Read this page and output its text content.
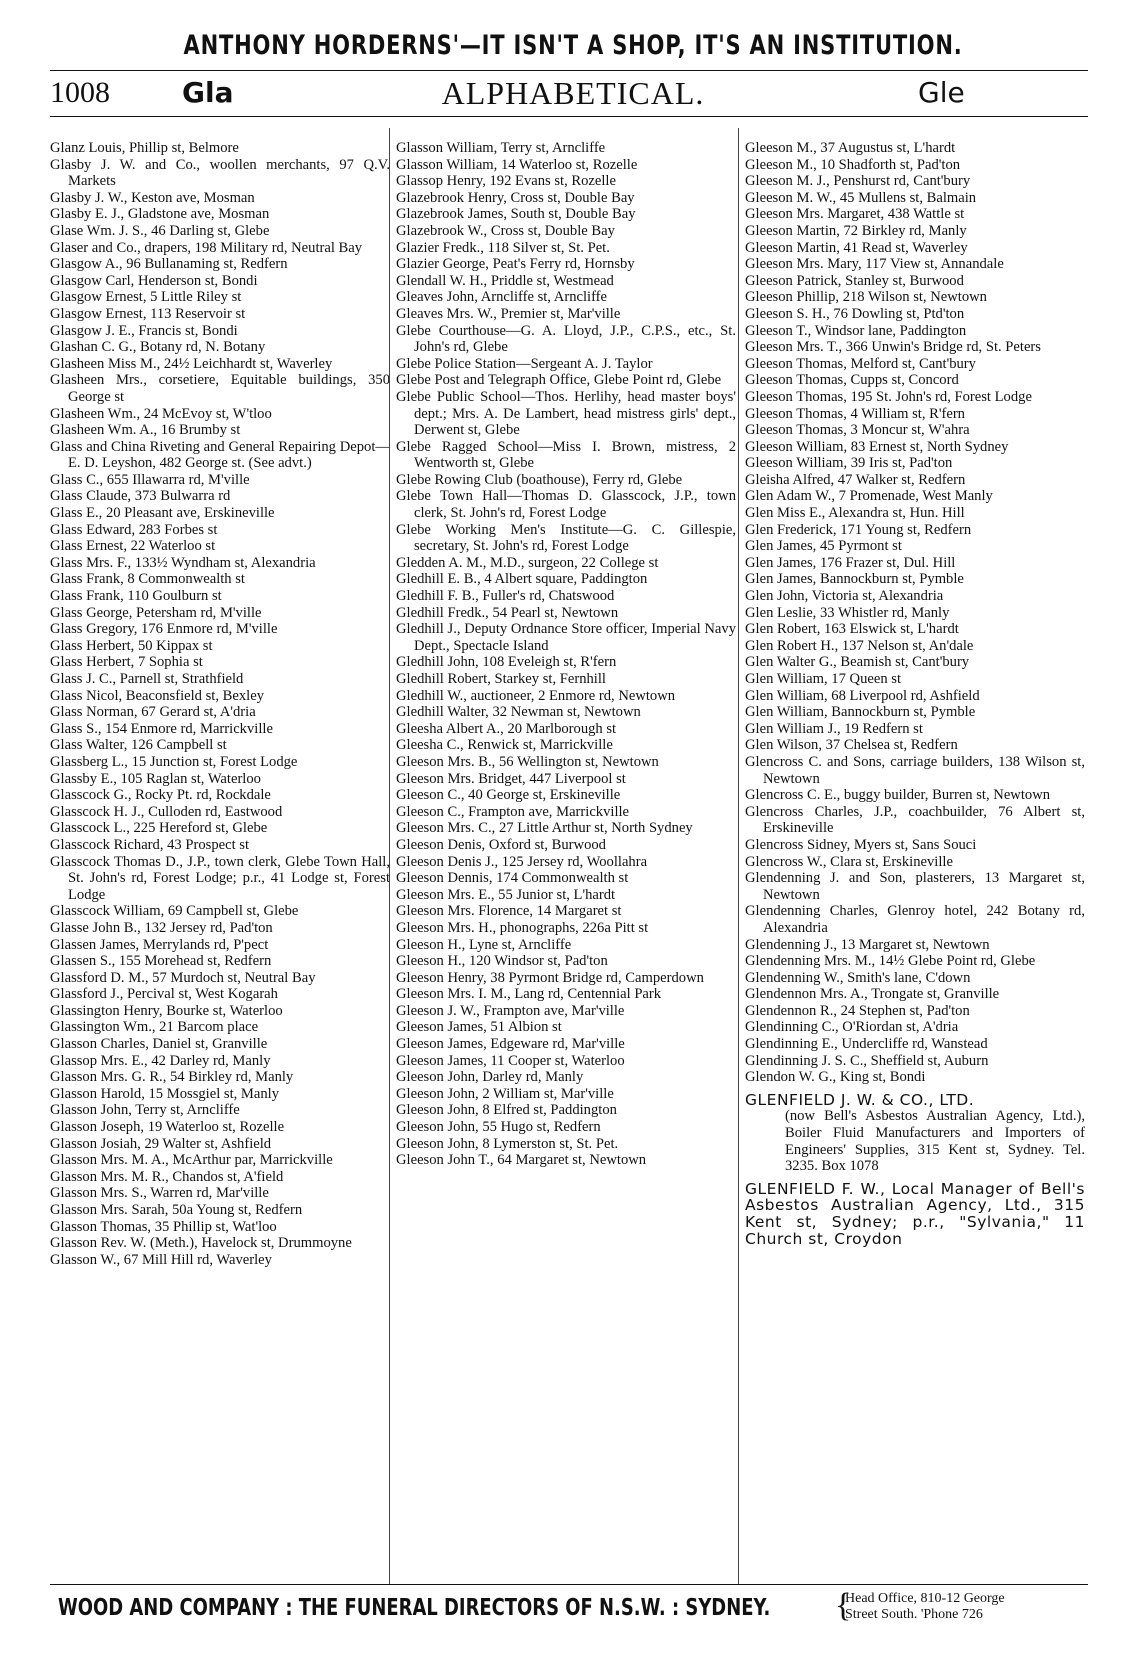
ANTHONY HORDERNS'—IT ISN'T A SHOP, IT'S AN INSTITUTION.
1008	Gla	ALPHABETICAL.	Gle

Glanz Louis, Phillip st, Belmore

Glasby J. W. and Co., woollen merchants, 97 Q.V. Markets

Glasby J. W., Keston ave, Mosman

Glasby E. J., Gladstone ave, Mosman

Glase Wm. J. S., 46 Darling st, Glebe

Glaser and Co., drapers, 198 Military rd, Neutral Bay

Glasgow A., 96 Bullanaming st, Redfern

Glasgow Carl, Henderson st, Bondi

Glasgow Ernest, 5 Little Riley st

Glasgow Ernest, 113 Reservoir st

Glasgow J. E., Francis st, Bondi

Glashan C. G., Botany rd, N. Botany

Glasheen Miss M., 24½ Leichhardt st, Waverley

Glasheen Mrs., corsetiere, Equitable buildings, 350 George st

Glasheen Wm., 24 McEvoy st, W'tloo

Glasheen Wm. A., 16 Brumby st

Glass and China Riveting and General Repairing Depot—E. D. Leyshon, 482 George st. (See advt.)

Glass C., 655 Illawarra rd, M'ville

Glass Claude, 373 Bulwarra rd

Glass E., 20 Pleasant ave, Erskineville

Glass Edward, 283 Forbes st

Glass Ernest, 22 Waterloo st

Glass Mrs. F., 133½ Wyndham st, Alexandria

Glass Frank, 8 Commonwealth st

Glass Frank, 110 Goulburn st

Glass George, Petersham rd, M'ville

Glass Gregory, 176 Enmore rd, M'ville

Glass Herbert, 50 Kippax st

Glass Herbert, 7 Sophia st

Glass J. C., Parnell st, Strathfield

Glass Nicol, Beaconsfield st, Bexley

Glass Norman, 67 Gerard st, A'dria

Glass S., 154 Enmore rd, Marrickville

Glass Walter, 126 Campbell st

Glassberg L., 15 Junction st, Forest Lodge

Glassby E., 105 Raglan st, Waterloo

Glasscock G., Rocky Pt. rd, Rockdale

Glasscock H. J., Culloden rd, Eastwood

Glasscock L., 225 Hereford st, Glebe

Glasscock Richard, 43 Prospect st

Glasscock Thomas D., J.P., town clerk, Glebe Town Hall, St. John's rd, Forest Lodge; p.r., 41 Lodge st, Forest Lodge

Glasscock William, 69 Campbell st, Glebe

Glasse John B., 132 Jersey rd, Pad'ton

Glassen James, Merrylands rd, P'pect

Glassen S., 155 Morehead st, Redfern

Glassford D. M., 57 Murdoch st, Neutral Bay

Glassford J., Percival st, West Kogarah

Glassington Henry, Bourke st, Waterloo

Glassington Wm., 21 Barcom place

Glasson Charles, Daniel st, Granville

Glassop Mrs. E., 42 Darley rd, Manly

Glasson Mrs. G. R., 54 Birkley rd, Manly

Glasson Harold, 15 Mossgiel st, Manly

Glasson John, Terry st, Arncliffe

Glasson Joseph, 19 Waterloo st, Rozelle

Glasson Josiah, 29 Walter st, Ashfield

Glasson Mrs. M. A., McArthur par, Marrickville

Glasson Mrs. M. R., Chandos st, A'field

Glasson Mrs. S., Warren rd, Mar'ville

Glasson Mrs. Sarah, 50a Young st, Redfern

Glasson Thomas, 35 Phillip st, Wat'loo

Glasson Rev. W. (Meth.), Havelock st, Drummoyne

Glasson W., 67 Mill Hill rd, Waverley

Glasson William, Terry st, Arncliffe

Glasson William, 14 Waterloo st, Rozelle

Glassop Henry, 192 Evans st, Rozelle

Glazebrook Henry, Cross st, Double Bay

Glazebrook James, South st, Double Bay

Glazebrook W., Cross st, Double Bay

Glazier Fredk., 118 Silver st, St. Pet.

Glazier George, Peat's Ferry rd, Hornsby

Glendall W. H., Priddle st, Westmead

Gleaves John, Arncliffe st, Arncliffe

Gleaves Mrs. W., Premier st, Mar'ville

Glebe Courthouse—G. A. Lloyd, J.P., C.P.S., etc., St. John's rd, Glebe

Glebe Police Station—Sergeant A. J. Taylor

Glebe Post and Telegraph Office, Glebe Point rd, Glebe

Glebe Public School—Thos. Herlihy, head master boys' dept.; Mrs. A. De Lambert, head mistress girls' dept., Derwent st, Glebe

Glebe Ragged School—Miss I. Brown, mistress, 2 Wentworth st, Glebe

Glebe Rowing Club (boathouse), Ferry rd, Glebe

Glebe Town Hall—Thomas D. Glasscock, J.P., town clerk, St. John's rd, Forest Lodge

Glebe Working Men's Institute—G. C. Gillespie, secretary, St. John's rd, Forest Lodge

Gledden A. M., M.D., surgeon, 22 College st

Gledhill E. B., 4 Albert square, Paddington

Gledhill F. B., Fuller's rd, Chatswood

Gledhill Fredk., 54 Pearl st, Newtown

Gledhill J., Deputy Ordnance Store officer, Imperial Navy Dept., Spectacle Island

Gledhill John, 108 Eveleigh st, R'fern

Gledhill Robert, Starkey st, Fernhill

Gledhill W., auctioneer, 2 Enmore rd, Newtown

Gledhill Walter, 32 Newman st, Newtown

Gleesha Albert A., 20 Marlborough st

Gleesha C., Renwick st, Marrickville

Gleeson Mrs. B., 56 Wellington st, Newtown

Gleeson Mrs. Bridget, 447 Liverpool st

Gleeson C., 40 George st, Erskineville

Gleeson C., Frampton ave, Marrickville

Gleeson Mrs. C., 27 Little Arthur st, North Sydney

Gleeson Denis, Oxford st, Burwood

Gleeson Denis J., 125 Jersey rd, Woollahra

Gleeson Dennis, 174 Commonwealth st

Gleeson Mrs. E., 55 Junior st, L'hardt

Gleeson Mrs. Florence, 14 Margaret st

Gleeson Mrs. H., phonographs, 226a Pitt st

Gleeson H., Lyne st, Arncliffe

Gleeson H., 120 Windsor st, Pad'ton

Gleeson Henry, 38 Pyrmont Bridge rd, Camperdown

Gleeson Mrs. I. M., Lang rd, Centennial Park

Gleeson J. W., Frampton ave, Mar'ville

Gleeson James, 51 Albion st

Gleeson James, Edgeware rd, Mar'ville

Gleeson James, 11 Cooper st, Waterloo

Gleeson John, Darley rd, Manly

Gleeson John, 2 William st, Mar'ville

Gleeson John, 8 Elfred st, Paddington

Gleeson John, 55 Hugo st, Redfern

Gleeson John, 8 Lymerston st, St. Pet.

Gleeson John T., 64 Margaret st, Newtown

Gleeson M., 37 Augustus st, L'hardt

Gleeson M., 10 Shadforth st, Pad'ton

Gleeson M. J., Penshurst rd, Cant'bury

Gleeson M. W., 45 Mullens st, Balmain

Gleeson Mrs. Margaret, 438 Wattle st

Gleeson Martin, 72 Birkley rd, Manly

Gleeson Martin, 41 Read st, Waverley

Gleeson Mrs. Mary, 117 View st, Annandale

Gleeson Patrick, Stanley st, Burwood

Gleeson Phillip, 218 Wilson st, Newtown

Gleeson S. H., 76 Dowling st, Ptd'ton

Gleeson T., Windsor lane, Paddington

Gleeson Mrs. T., 366 Unwin's Bridge rd, St. Peters

Gleeson Thomas, Melford st, Cant'bury

Gleeson Thomas, Cupps st, Concord

Gleeson Thomas, 195 St. John's rd, Forest Lodge

Gleeson Thomas, 4 William st, R'fern

Gleeson Thomas, 3 Moncur st, W'ahra

Gleeson William, 83 Ernest st, North Sydney

Gleeson William, 39 Iris st, Pad'ton

Gleisha Alfred, 47 Walker st, Redfern

Glen Adam W., 7 Promenade, West Manly

Glen Miss E., Alexandra st, Hun. Hill

Glen Frederick, 171 Young st, Redfern

Glen James, 45 Pyrmont st

Glen James, 176 Frazer st, Dul. Hill

Glen James, Bannockburn st, Pymble

Glen John, Victoria st, Alexandria

Glen Leslie, 33 Whistler rd, Manly

Glen Robert, 163 Elswick st, L'hardt

Glen Robert H., 137 Nelson st, An'dale

Glen Walter G., Beamish st, Cant'bury

Glen William, 17 Queen st

Glen William, 68 Liverpool rd, Ashfield

Glen William, Bannockburn st, Pymble

Glen William J., 19 Redfern st

Glen Wilson, 37 Chelsea st, Redfern

Glencross C. and Sons, carriage builders, 138 Wilson st, Newtown

Glencross C. E., buggy builder, Burren st, Newtown

Glencross Charles, J.P., coachbuilder, 76 Albert st, Erskineville

Glencross Sidney, Myers st, Sans Souci

Glencross W., Clara st, Erskineville

Glendenning J. and Son, plasterers, 13 Margaret st, Newtown

Glendenning Charles, Glenroy hotel, 242 Botany rd, Alexandria

Glendenning J., 13 Margaret st, Newtown

Glendenning Mrs. M., 14½ Glebe Point rd, Glebe

Glendenning W., Smith's lane, C'down

Glendennon Mrs. A., Trongate st, Granville

Glendennon R., 24 Stephen st, Pad'ton

Glendinning C., O'Riordan st, A'dria

Glendinning E., Undercliffe rd, Wanstead

Glendinning J. S. C., Sheffield st, Auburn

Glendon W. G., King st, Bondi

GLENFIELD J. W. & CO., LTD.

(now Bell's Asbestos Australian Agency, Ltd.), Boiler Fluid Manufacturers and Importers of Engineers' Supplies, 315 Kent st, Sydney. Tel. 3235. Box 1078

GLENFIELD F. W., Local Manager of Bell's Asbestos Australian Agency, Ltd., 315 Kent st, Sydney; p.r., "Sylvania," 11 Church st, Croydon

WOOD AND COMPANY : THE FUNERAL DIRECTORS OF N.S.W. : SYDNEY. {
Head Office, 810-12 George
Street South. 'Phone 726
